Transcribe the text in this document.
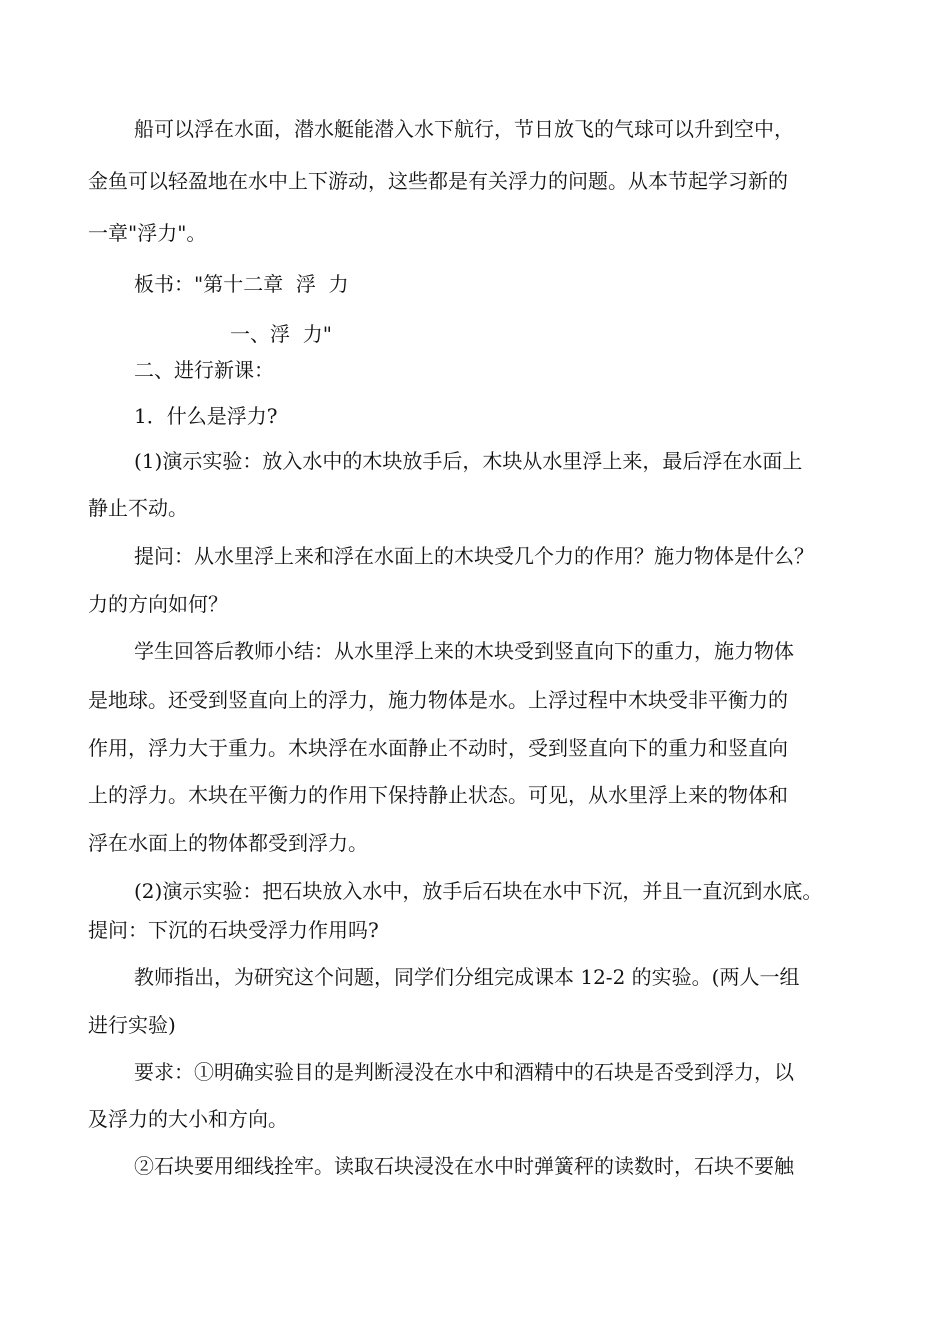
船可以浮在水面，潜水艇能潜入水下航行，节日放飞的气球可以升到空中，
金鱼可以轻盈地在水中上下游动，这些都是有关浮力的问题。从本节起学习新的
一章"浮力"。
板书："第十二章  浮  力
一、浮  力"
二、进行新课：
1．什么是浮力?
(1)演示实验：放入水中的木块放手后，木块从水里浮上来，最后浮在水面上
静止不动。
提问：从水里浮上来和浮在水面上的木块受几个力的作用？施力物体是什么？
力的方向如何？
学生回答后教师小结：从水里浮上来的木块受到竖直向下的重力，施力物体
是地球。还受到竖直向上的浮力，施力物体是水。上浮过程中木块受非平衡力的
作用，浮力大于重力。木块浮在水面静止不动时，受到竖直向下的重力和竖直向
上的浮力。木块在平衡力的作用下保持静止状态。可见，从水里浮上来的物体和
浮在水面上的物体都受到浮力。
(2)演示实验：把石块放入水中，放手后石块在水中下沉，并且一直沉到水底。
提问：下沉的石块受浮力作用吗?
教师指出，为研究这个问题，同学们分组完成课本 12-2 的实验。(两人一组
进行实验)
要求：①明确实验目的是判断浸没在水中和酒精中的石块是否受到浮力，以
及浮力的大小和方向。
②石块要用细线拴牢。读取石块浸没在水中时弹簧秤的读数时，石块不要触
